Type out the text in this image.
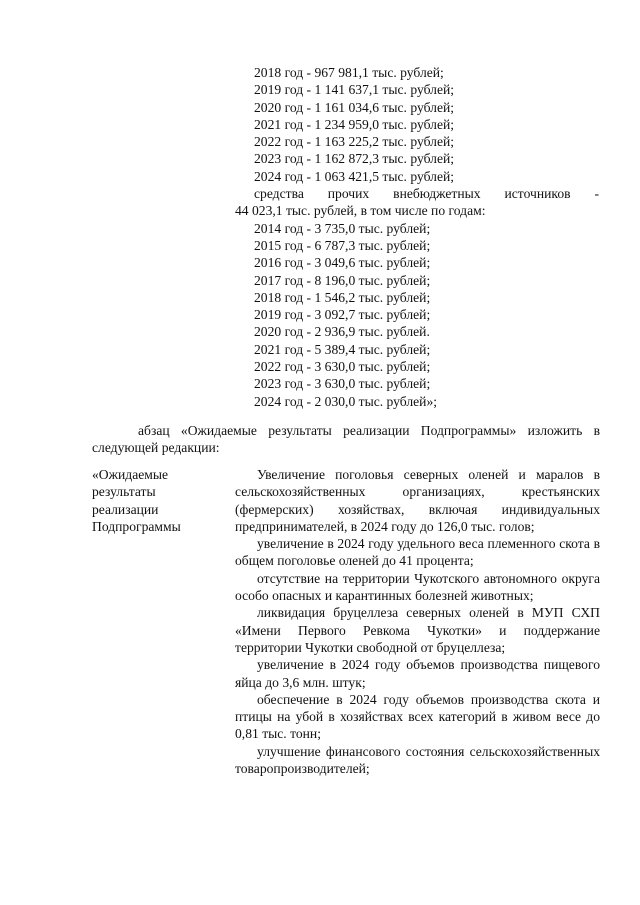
2018 год - 967 981,1 тыс. рублей;
2019 год - 1 141 637,1 тыс. рублей;
2020 год - 1 161 034,6 тыс. рублей;
2021 год - 1 234 959,0 тыс. рублей;
2022 год - 1 163 225,2 тыс. рублей;
2023 год - 1 162 872,3 тыс. рублей;
2024 год - 1 063 421,5 тыс. рублей;
средства прочих внебюджетных источников -
44 023,1 тыс. рублей, в том числе по годам:
2014 год - 3 735,0 тыс. рублей;
2015 год - 6 787,3 тыс. рублей;
2016 год - 3 049,6 тыс. рублей;
2017 год - 8 196,0 тыс. рублей;
2018 год - 1 546,2 тыс. рублей;
2019 год - 3 092,7 тыс. рублей;
2020 год - 2 936,9 тыс. рублей.
2021 год - 5 389,4 тыс. рублей;
2022 год - 3 630,0 тыс. рублей;
2023 год - 3 630,0 тыс. рублей;
2024 год - 2 030,0 тыс. рублей»;
абзац «Ожидаемые результаты реализации Подпрограммы» изложить в следующей редакции:
«Ожидаемые
результаты
реализации
Подпрограммы
Увеличение поголовья северных оленей и маралов в сельскохозяйственных организациях, крестьянских (фермерских) хозяйствах, включая индивидуальных предпринимателей, в 2024 году до 126,0 тыс. голов;
увеличение в 2024 году удельного веса племенного скота в общем поголовье оленей до 41 процента;
отсутствие на территории Чукотского автономного округа особо опасных и карантинных болезней животных;
ликвидация бруцеллеза северных оленей в МУП СХП «Имени Первого Ревкома Чукотки» и поддержание территории Чукотки свободной от бруцеллеза;
увеличение в 2024 году объемов производства пищевого яйца до 3,6 млн. штук;
обеспечение в 2024 году объемов производства скота и птицы на убой в хозяйствах всех категорий в живом весе до 0,81 тыс. тонн;
улучшение финансового состояния сельскохозяйственных товаропроизводителей;
